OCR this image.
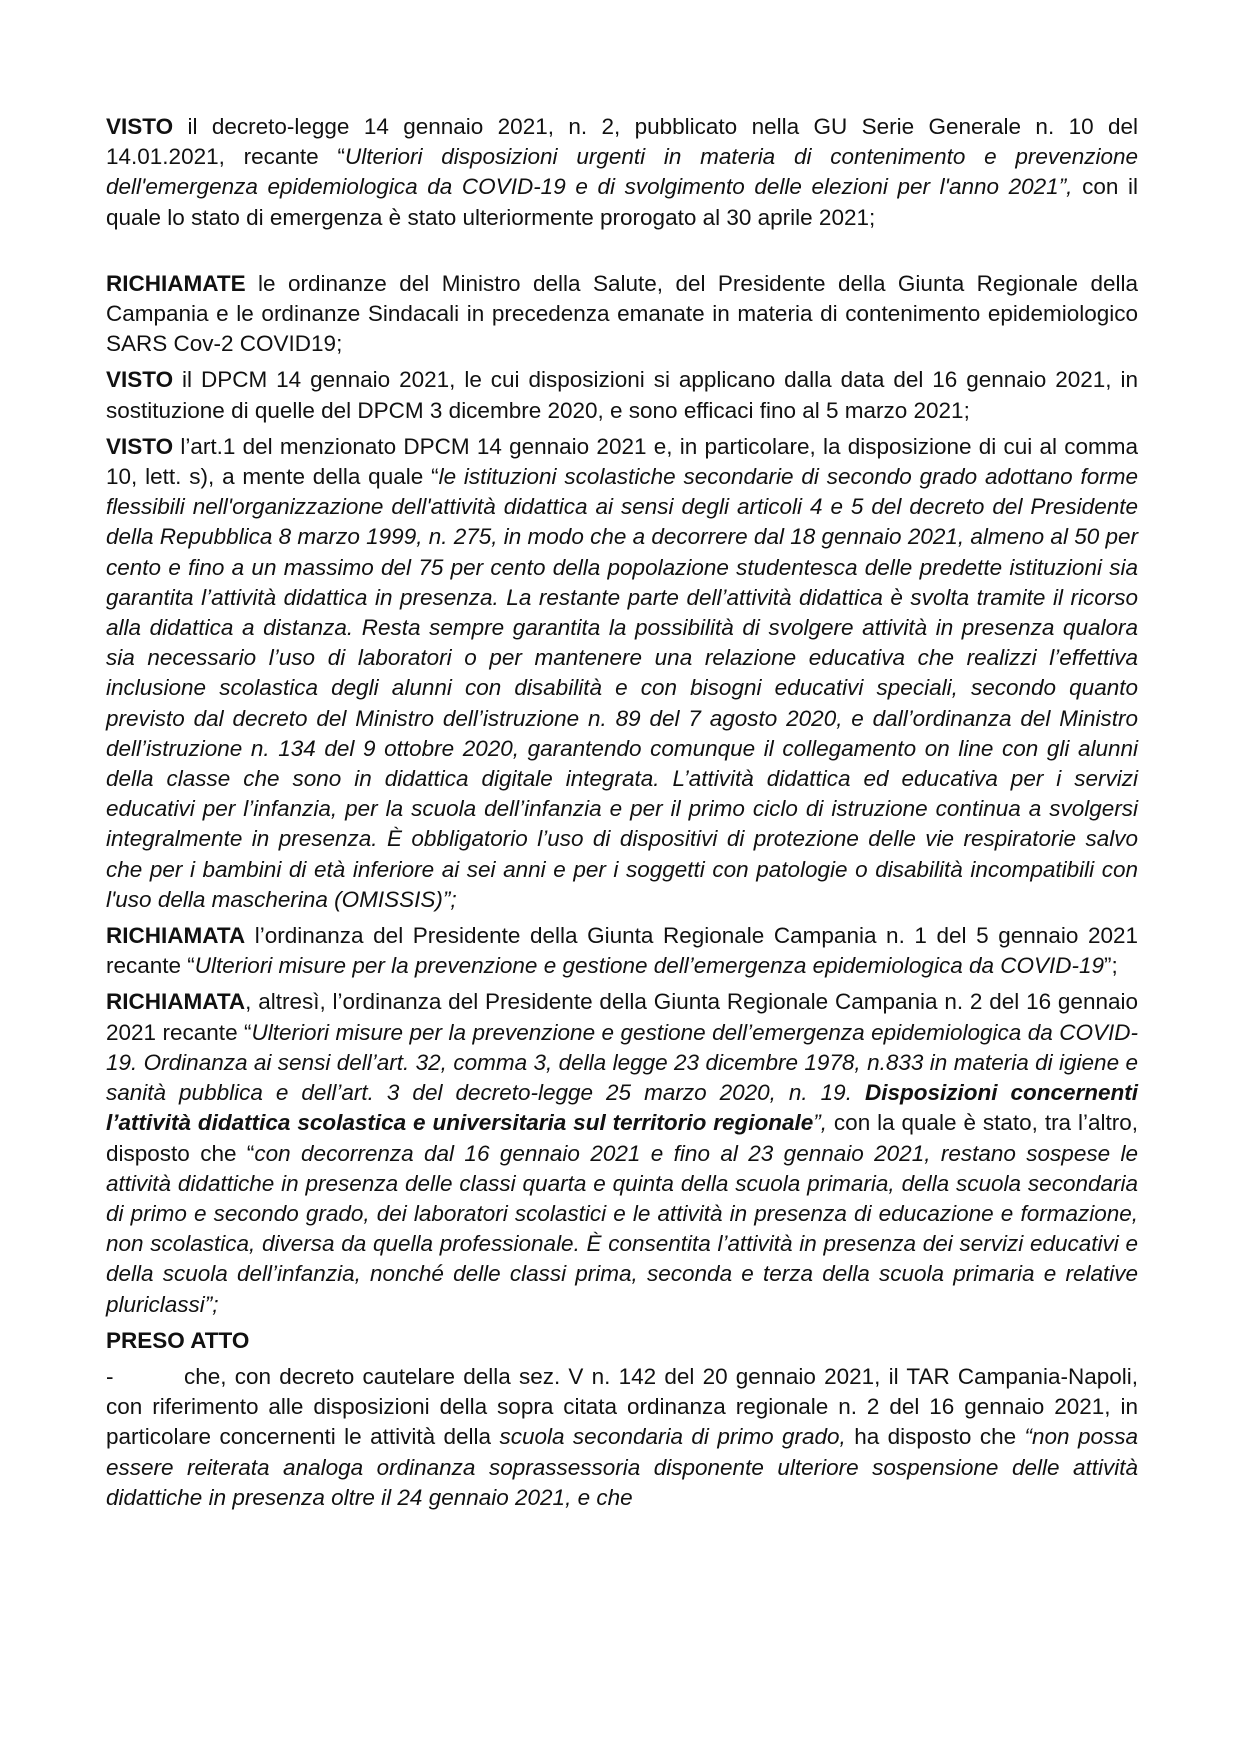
VISTO il decreto-legge 14 gennaio 2021, n. 2, pubblicato nella GU Serie Generale n. 10 del 14.01.2021, recante “Ulteriori disposizioni urgenti in materia di contenimento e prevenzione dell'emergenza epidemiologica da COVID-19 e di svolgimento delle elezioni per l'anno 2021”, con il quale lo stato di emergenza è stato ulteriormente prorogato al 30 aprile 2021;

RICHIAMATE le ordinanze del Ministro della Salute, del Presidente della Giunta Regionale della Campania e le ordinanze Sindacali in precedenza emanate in materia di contenimento epidemiologico SARS Cov-2 COVID19;

VISTO il DPCM 14 gennaio 2021, le cui disposizioni si applicano dalla data del 16 gennaio 2021, in sostituzione di quelle del DPCM 3 dicembre 2020, e sono efficaci fino al 5 marzo 2021;

VISTO l’art.1 del menzionato DPCM 14 gennaio 2021 e, in particolare, la disposizione di cui al comma 10, lett. s), a mente della quale “le istituzioni scolastiche secondarie di secondo grado adottano forme flessibili nell'organizzazione dell'attività didattica ai sensi degli articoli 4 e 5 del decreto del Presidente della Repubblica 8 marzo 1999, n. 275, in modo che a decorrere dal 18 gennaio 2021, almeno al 50 per cento e fino a un massimo del 75 per cento della popolazione studentesca delle predette istituzioni sia garantita l’attività didattica in presenza. La restante parte dell’attività didattica è svolta tramite il ricorso alla didattica a distanza. Resta sempre garantita la possibilità di svolgere attività in presenza qualora sia necessario l’uso di laboratori o per mantenere una relazione educativa che realizzi l’effettiva inclusione scolastica degli alunni con disabilità e con bisogni educativi speciali, secondo quanto previsto dal decreto del Ministro dell’istruzione n. 89 del 7 agosto 2020, e dall’ordinanza del Ministro dell’istruzione n. 134 del 9 ottobre 2020, garantendo comunque il collegamento on line con gli alunni della classe che sono in didattica digitale integrata. L’attività didattica ed educativa per i servizi educativi per l’infanzia, per la scuola dell’infanzia e per il primo ciclo di istruzione continua a svolgersi integralmente in presenza. È obbligatorio l’uso di dispositivi di protezione delle vie respiratorie salvo che per i bambini di età inferiore ai sei anni e per i soggetti con patologie o disabilità incompatibili con l'uso della mascherina (OMISSIS)”;

RICHIAMATA l’ordinanza del Presidente della Giunta Regionale Campania n. 1 del 5 gennaio 2021 recante “Ulteriori misure per la prevenzione e gestione dell’emergenza epidemiologica da COVID-19”;

RICHIAMATA, altresì, l’ordinanza del Presidente della Giunta Regionale Campania n. 2 del 16 gennaio 2021 recante “Ulteriori misure per la prevenzione e gestione dell’emergenza epidemiologica da COVID-19. Ordinanza ai sensi dell’art. 32, comma 3, della legge 23 dicembre 1978, n.833 in materia di igiene e sanità pubblica e dell’art. 3 del decreto-legge 25 marzo 2020, n. 19. Disposizioni concernenti l’attività didattica scolastica e universitaria sul territorio regionale”, con la quale è stato, tra l’altro, disposto che “con decorrenza dal 16 gennaio 2021 e fino al 23 gennaio 2021, restano sospese le attività didattiche in presenza delle classi quarta e quinta della scuola primaria, della scuola secondaria di primo e secondo grado, dei laboratori scolastici e le attività in presenza di educazione e formazione, non scolastica, diversa da quella professionale. È consentita l’attività in presenza dei servizi educativi e della scuola dell’infanzia, nonché delle classi prima, seconda e terza della scuola primaria e relative pluriclassi”;

PRESO ATTO

-	che, con decreto cautelare della sez. V n. 142 del 20 gennaio 2021, il TAR Campania-Napoli, con riferimento alle disposizioni della sopra citata ordinanza regionale n. 2 del 16 gennaio 2021, in particolare concernenti le attività della scuola secondaria di primo grado, ha disposto che “non possa essere reiterata analoga ordinanza soprassessoria disponente ulteriore sospensione delle attività didattiche in presenza oltre il 24 gennaio 2021, e che
